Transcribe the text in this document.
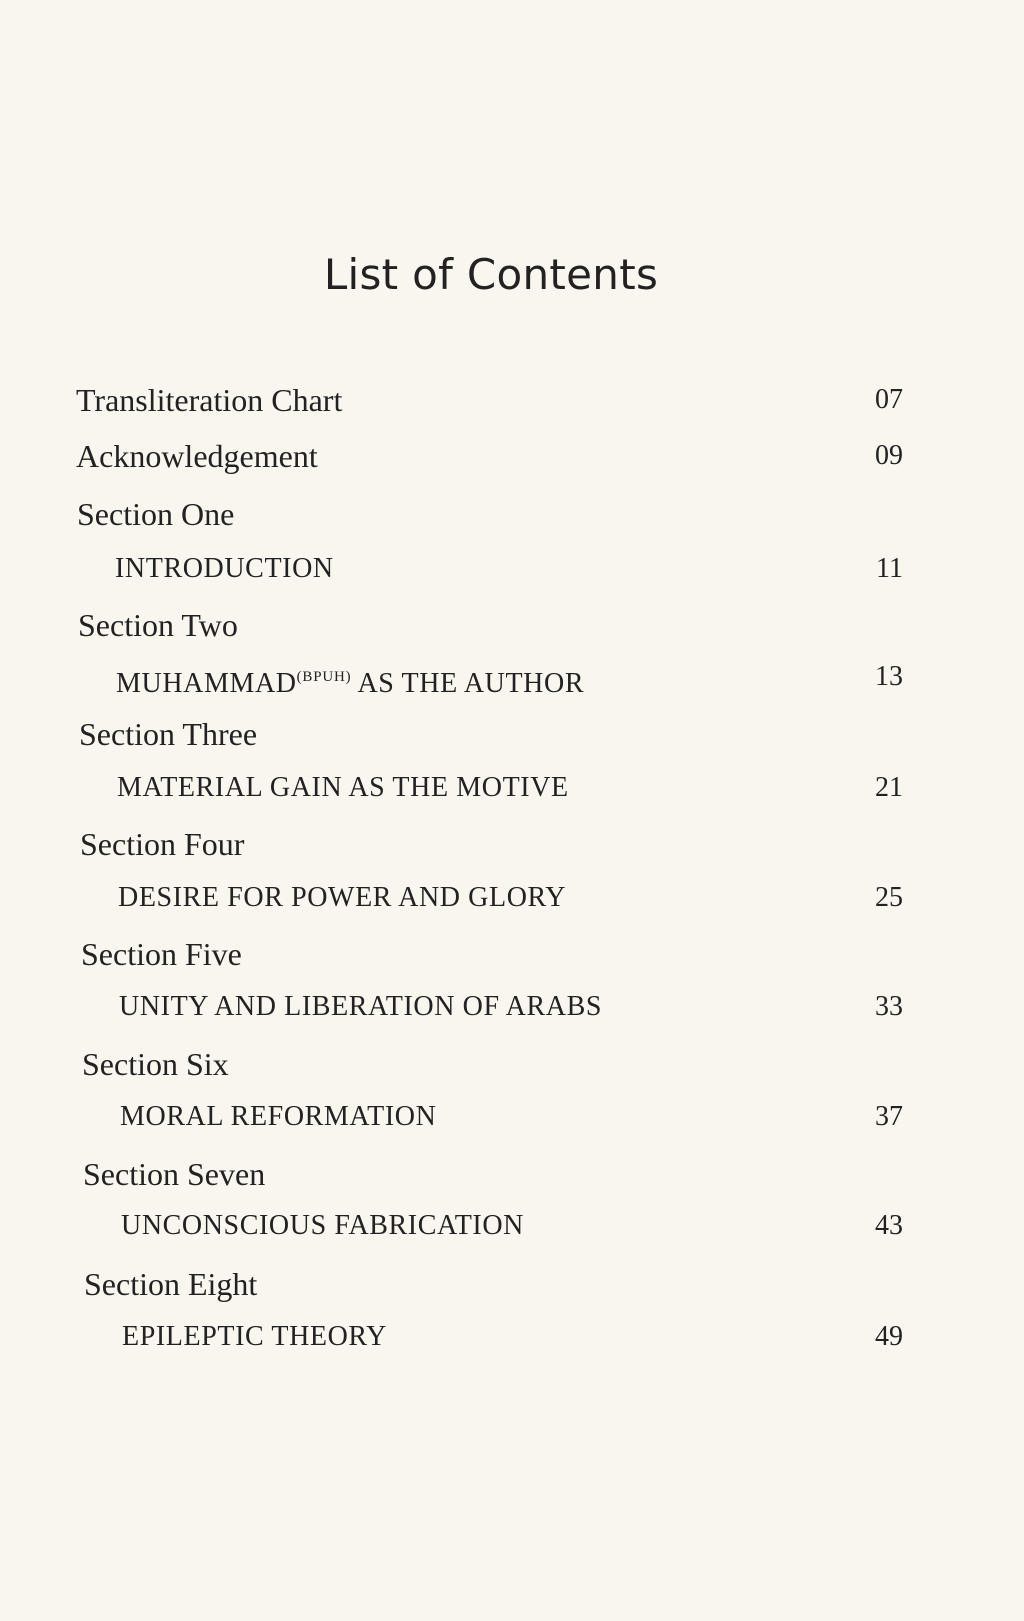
List of Contents
Transliteration Chart	07
Acknowledgement	09
Section One
INTRODUCTION	11
Section Two
$MUHAMMAD^{(BPUH)}$ AS THE AUTHOR	13
Section Three
MATERIAL GAIN AS THE MOTIVE	21
Section Four
DESIRE FOR POWER AND GLORY	25
Section Five
UNITY AND LIBERATION OF ARABS	33
Section Six
MORAL REFORMATION	37
Section Seven
UNCONSCIOUS FABRICATION	43
Section Eight
EPILEPTIC THEORY	49
